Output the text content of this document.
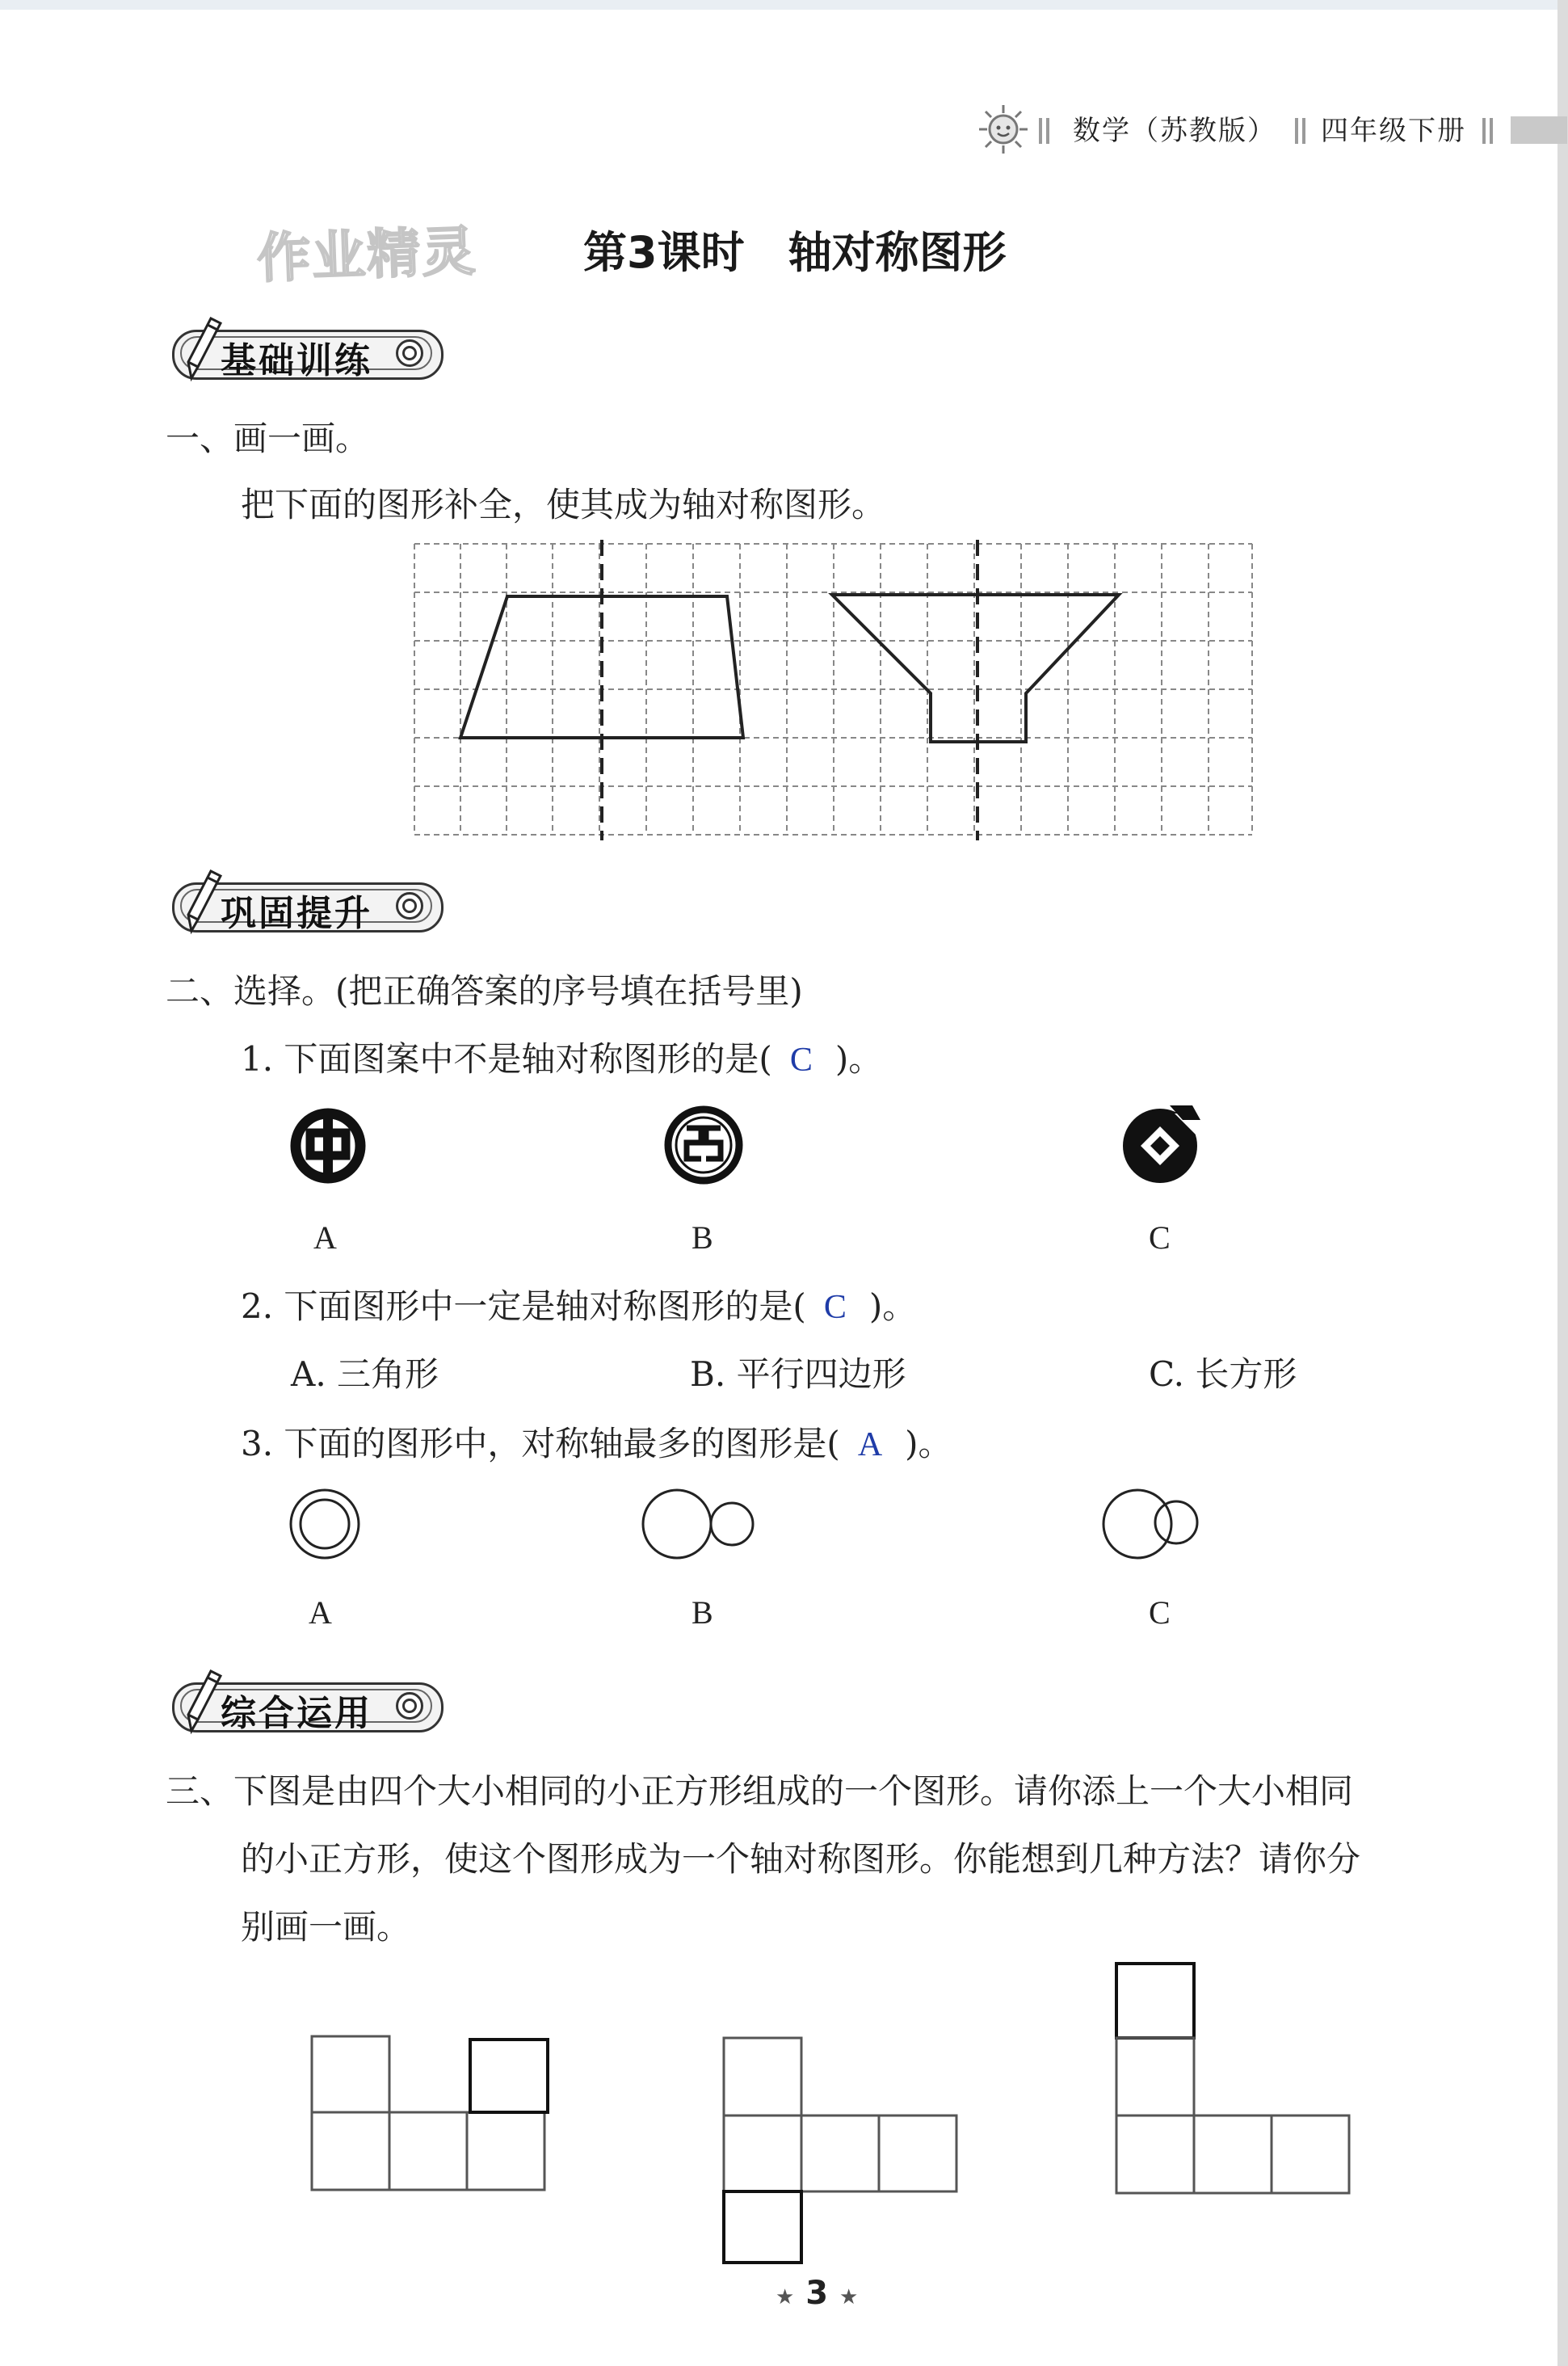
数学（苏教版） 四年级下册
作业精灵 第3课时　轴对称图形
基础训练
一、画一画。
把下面的图形补全，使其成为轴对称图形。
巩固提升
二、选择。(把正确答案的序号填在括号里)
1. 下面图案中不是轴对称图形的是( C )。
A	B	C
2. 下面图形中一定是轴对称图形的是( C )。
A. 三角形	B. 平行四边形	C. 长方形
3. 下面的图形中，对称轴最多的图形是( A )。
A	B	C
综合运用
三、下图是由四个大小相同的小正方形组成的一个图形。请你添上一个大小相同
的小正方形，使这个图形成为一个轴对称图形。你能想到几种方法？请你分
别画一画。
★ 3 ★
